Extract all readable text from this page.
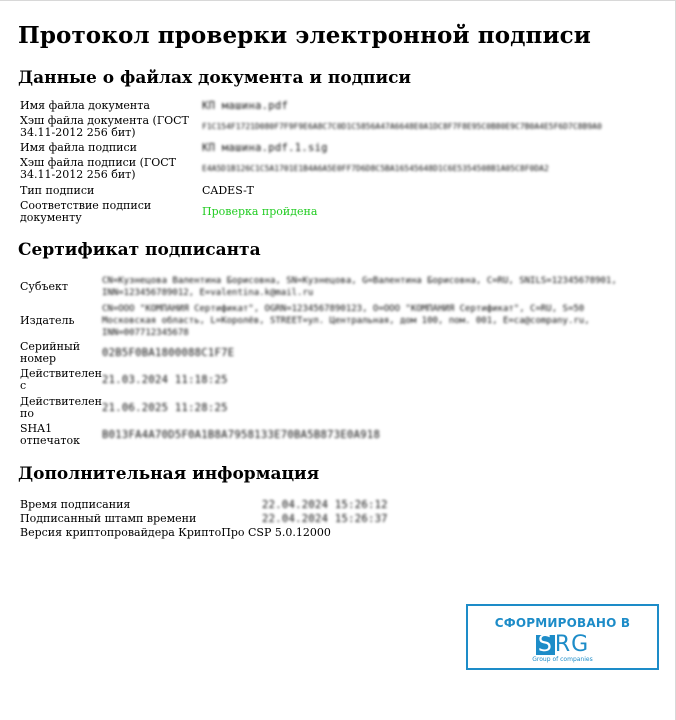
Протокол проверки электронной подписи
Данные о файлах документа и подписи
Имя файла документа	КП машина.pdf
Хэш файла документа (ГОСТ 34.11-2012 256 бит)	F1C154F1721D080F7F9F9E6A8C7C0D1C5856A47A6648E0A1DC8F7F8E95C0B80E9C7B0A4E5F6D7C8B9A0
Имя файла подписи	КП машина.pdf.1.sig
Хэш файла подписи (ГОСТ 34.11-2012 256 бит)	E4A5D1B126C1C5A1701E1B4A6A5E0FF7D6D8C5BA16545648D1C6E5354508B1A05C8F0DA2
Тип подписи	CADES-T
Соответствие подписи документу	Проверка пройдена
Сертификат подписанта
Субъект	CN=Кузнецова Валентина Борисовна, SN=Кузнецова, G=Валентина Борисовна, C=RU, SNILS=12345678901, INN=123456789012, E=valentina.k@mail.ru
Издатель	CN=ООО "КОМПАНИЯ Сертификат", OGRN=1234567890123, O=ООО "КОМПАНИЯ Сертификат", C=RU, S=50 Московская область, L=Королёв, STREET=ул. Центральная, дом 100, пом. 001, E=ca@company.ru, INN=007712345678
Серийный номер	02B5F0BA1800088C1F7E
Действителен с	21.03.2024 11:18:25
Действителен по	21.06.2025 11:28:25
SHA1 отпечаток	B013FA4A70D5F0A1B8A7958133E70BA5B873E0A918
Дополнительная информация
Время подписания	22.04.2024 15:26:12
Подписанный штамп времени	22.04.2024 15:26:37
Версия криптопровайдера КриптоПро CSP 5.0.12000	
СФОРМИРОВАНО В
SRG
Group of companies
